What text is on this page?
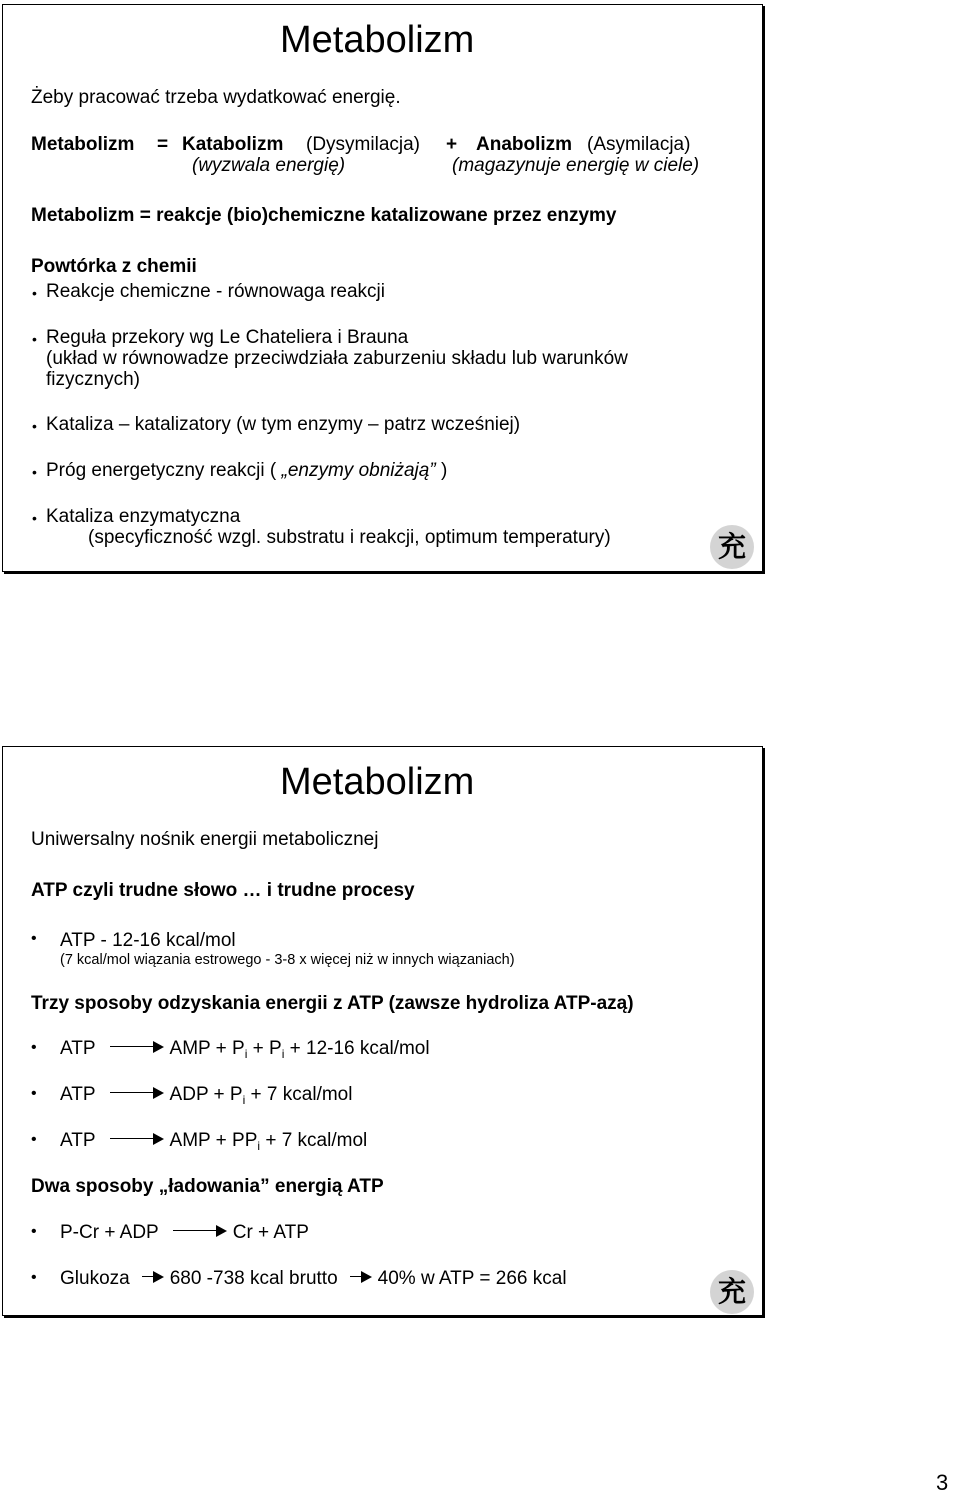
Metabolizm
Żeby pracować trzeba wydatkować energię.
Metabolizm = Katabolizm (Dysymilacja) + Anabolizm (Asymilacja)
(wyzwala energię)	(magazynuje energię w ciele)
Metabolizm = reakcje (bio)chemiczne katalizowane przez enzymy
Powtórka z chemii
• Reakcje chemiczne - równowaga reakcji
• Reguła przekory wg Le Chateliera i Brauna
(układ w równowadze przeciwdziała zaburzeniu składu lub warunków
fizycznych)
• Kataliza – katalizatory (w tym enzymy – patrz wcześniej)
• Próg energetyczny reakcji ( „enzymy obniżają” )
• Kataliza enzymatyczna
(specyficzność wzgl. substratu i reakcji, optimum temperatury)	充
Metabolizm
Uniwersalny nośnik energii metabolicznej
ATP czyli trudne słowo … i trudne procesy
• ATP - 12-16 kcal/mol
(7 kcal/mol wiązania estrowego - 3-8 x więcej niż w innych wiązaniach)
Trzy sposoby odzyskania energii z ATP (zawsze hydroliza ATP-azą)
• ATP	AMP + $P_i + P_i + 12-16$ kcal/mol
• ATP	ADP + $P_i + 7$ kcal/mol
• ATP	AMP + $PP_i + 7$ kcal/mol
Dwa sposoby „ładowania” energią ATP
• P-Cr + ADP	Cr + ATP
• Glukoza 680 -738 kcal brutto 40% w ATP = 266 kcal	充
3
